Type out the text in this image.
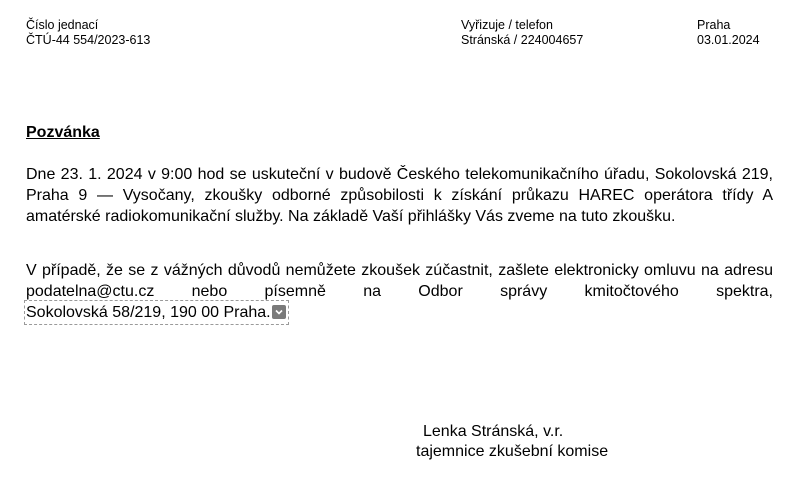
Číslo jednací
ČTÚ-44 554/2023-613
Vyřizuje / telefon
Stránská / 224004657
Praha
03.01.2024
Pozvánka

Dne 23. 1. 2024 v 9:00 hod se uskuteční v budově Českého telekomunikačního úřadu, Sokolovská 219, Praha 9 — Vysočany, zkoušky odborné způsobilosti k získání průkazu HAREC operátora třídy A amatérské radiokomunikační služby. Na základě Vaší přihlášky Vás zveme na tuto zkoušku.

V případě, že se z vážných důvodů nemůžete zkoušek zúčastnit, zašlete elektronicky omluvu na adresu podatelna@ctu.cz nebo písemně na Odbor správy kmitočtového spektra, Sokolovská 58/219, 190 00 Praha.

Lenka Stránská, v.r.
tajemnice zkušební komise
